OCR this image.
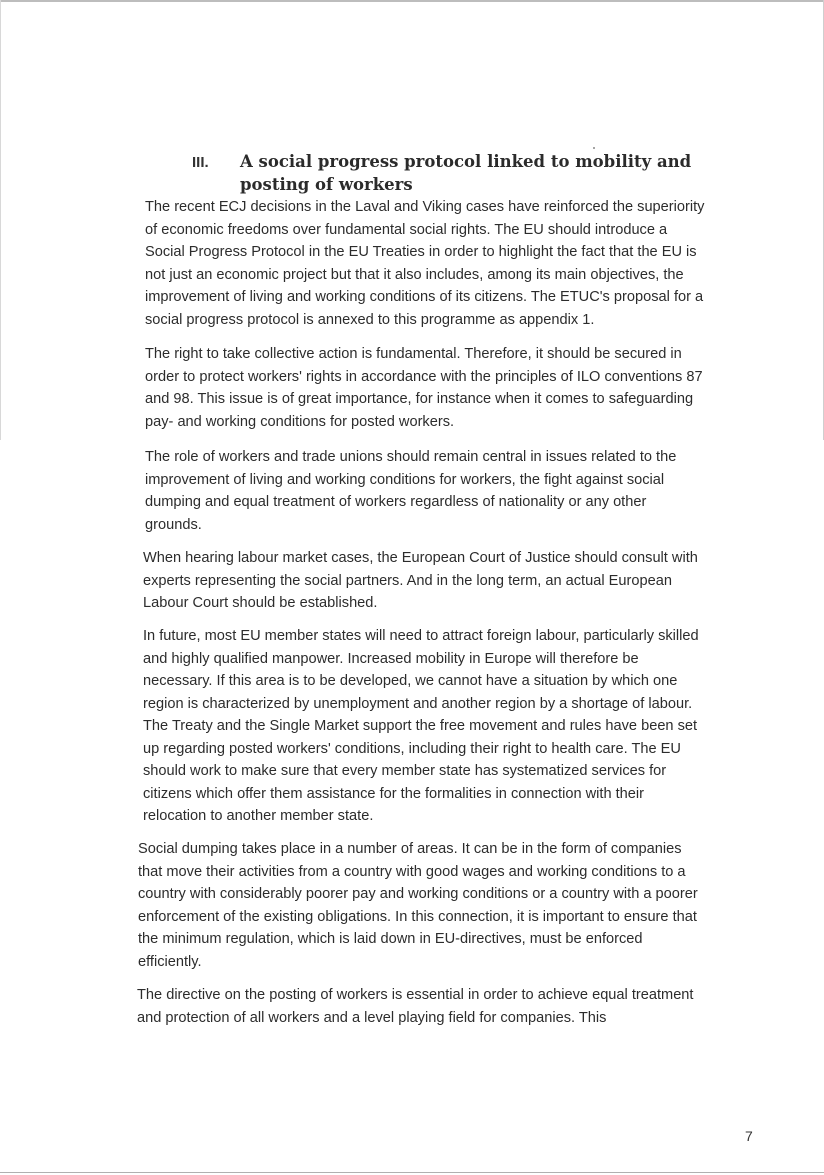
III. A social progress protocol linked to mobility and posting of workers

The recent ECJ decisions in the Laval and Viking cases have reinforced the superiority of economic freedoms over fundamental social rights. The EU should introduce a Social Progress Protocol in the EU Treaties in order to highlight the fact that the EU is not just an economic project but that it also includes, among its main objectives, the improvement of living and working conditions of its citizens. The ETUC's proposal for a social progress protocol is annexed to this programme as appendix 1.

The right to take collective action is fundamental. Therefore, it should be secured in order to protect workers' rights in accordance with the principles of ILO conventions 87 and 98. This issue is of great importance, for instance when it comes to safeguarding pay- and working conditions for posted workers.

The role of workers and trade unions should remain central in issues related to the improvement of living and working conditions for workers, the fight against social dumping and equal treatment of workers regardless of nationality or any other grounds.

When hearing labour market cases, the European Court of Justice should consult with experts representing the social partners. And in the long term, an actual European Labour Court should be established.

In future, most EU member states will need to attract foreign labour, particularly skilled and highly qualified manpower. Increased mobility in Europe will therefore be necessary. If this area is to be developed, we cannot have a situation by which one region is characterized by unemployment and another region by a shortage of labour. The Treaty and the Single Market support the free movement and rules have been set up regarding posted workers' conditions, including their right to health care. The EU should work to make sure that every member state has systematized services for citizens which offer them assistance for the formalities in connection with their relocation to another member state.

Social dumping takes place in a number of areas. It can be in the form of companies that move their activities from a country with good wages and working conditions to a country with considerably poorer pay and working conditions or a country with a poorer enforcement of the existing obligations. In this connection, it is important to ensure that the minimum regulation, which is laid down in EU-directives, must be enforced efficiently.

The directive on the posting of workers is essential in order to achieve equal treatment and protection of all workers and a level playing field for companies. This

7
